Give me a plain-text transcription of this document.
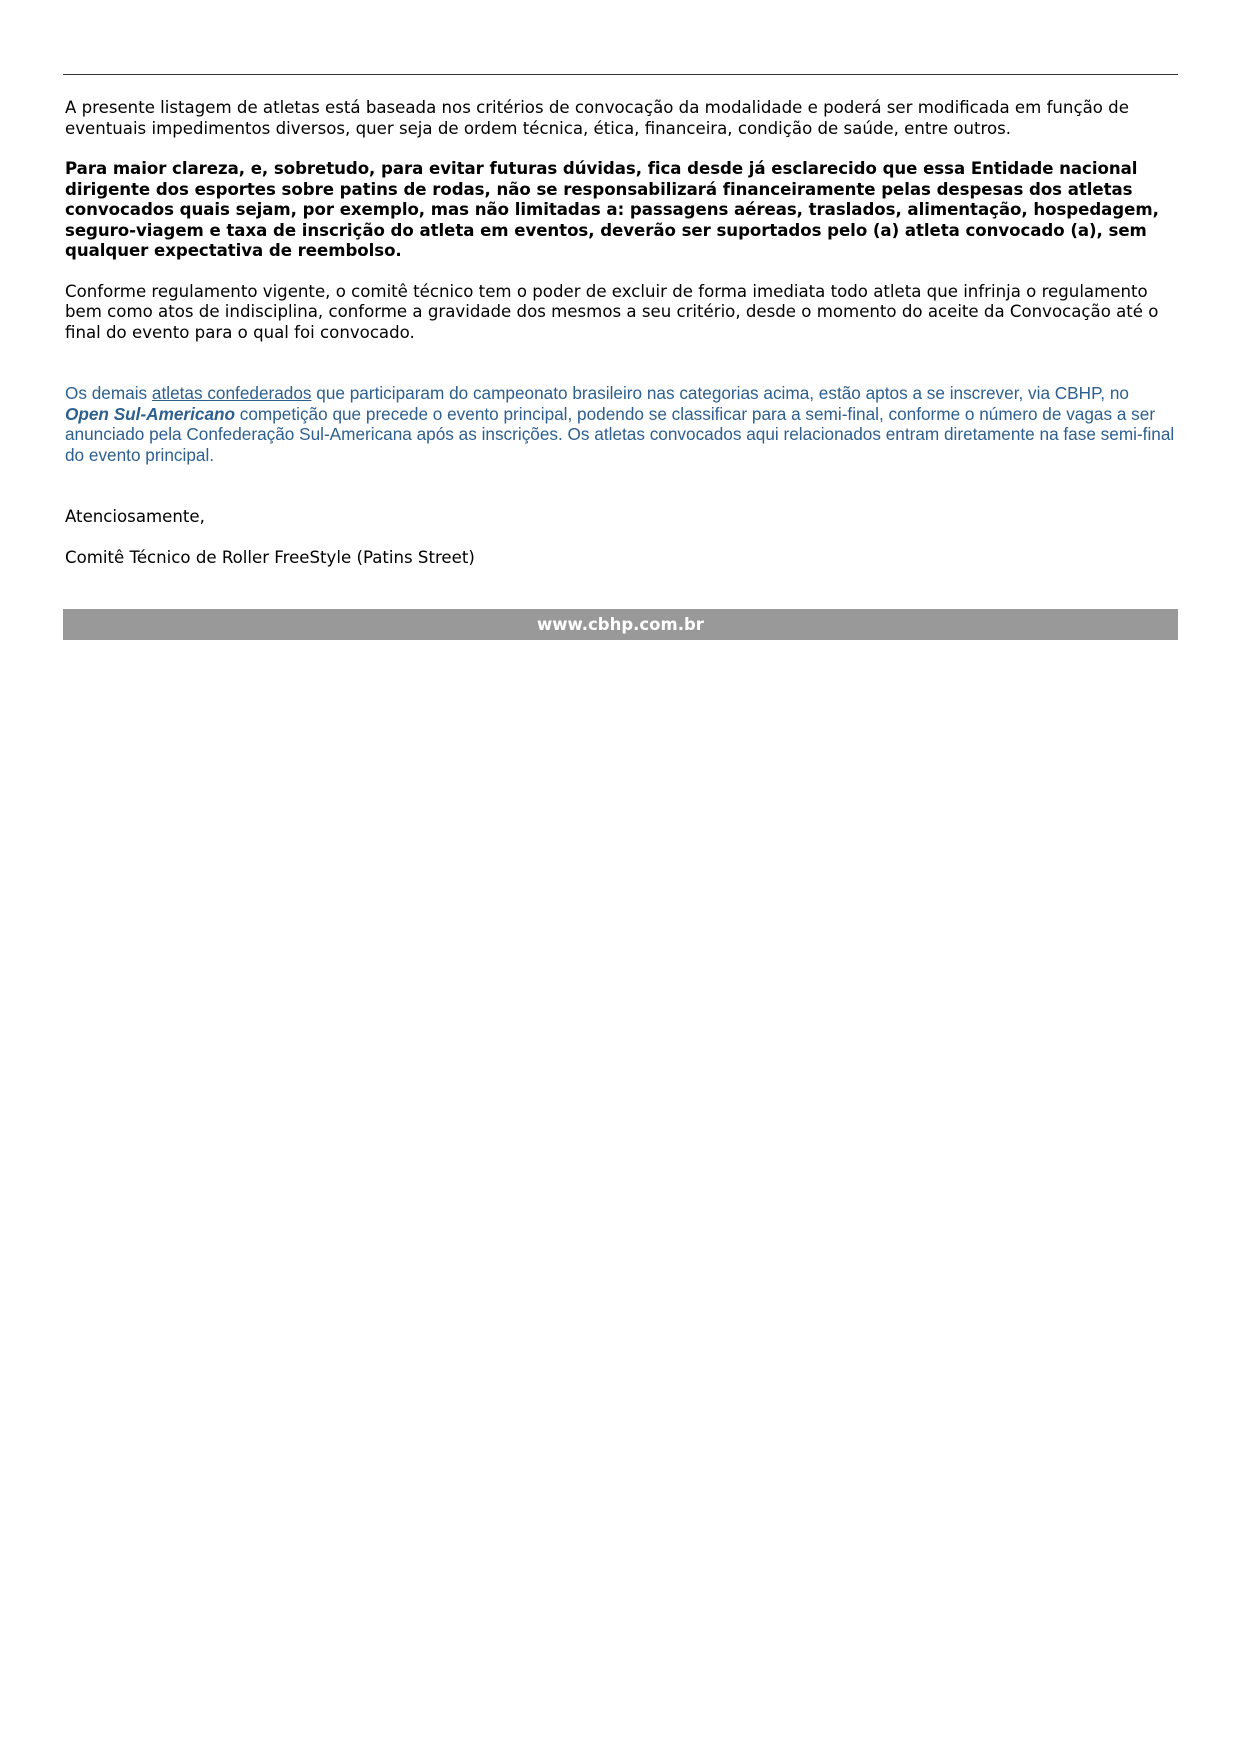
A presente listagem de atletas está baseada nos critérios de convocação da modalidade e poderá ser modificada em função de eventuais impedimentos diversos, quer seja de ordem técnica, ética, financeira, condição de saúde, entre outros.

Para maior clareza, e, sobretudo, para evitar futuras dúvidas, fica desde já esclarecido que essa Entidade nacional dirigente dos esportes sobre patins de rodas, não se responsabilizará financeiramente pelas despesas dos atletas convocados quais sejam, por exemplo, mas não limitadas a: passagens aéreas, traslados, alimentação, hospedagem, seguro-viagem e taxa de inscrição do atleta em eventos, deverão ser suportados pelo (a) atleta convocado (a), sem qualquer expectativa de reembolso.

Conforme regulamento vigente, o comitê técnico tem o poder de excluir de forma imediata todo atleta que infrinja o regulamento bem como atos de indisciplina, conforme a gravidade dos mesmos a seu critério, desde o momento do aceite da Convocação até o final do evento para o qual foi convocado.

Os demais atletas confederados que participaram do campeonato brasileiro nas categorias acima, estão aptos a se inscrever, via CBHP, no Open Sul-Americano competição que precede o evento principal, podendo se classificar para a semi-final, conforme o número de vagas a ser anunciado pela Confederação Sul-Americana após as inscrições. Os atletas convocados aqui relacionados entram diretamente na fase semi-final do evento principal.

Atenciosamente,

Comitê Técnico de Roller FreeStyle (Patins Street)

www.cbhp.com.br
